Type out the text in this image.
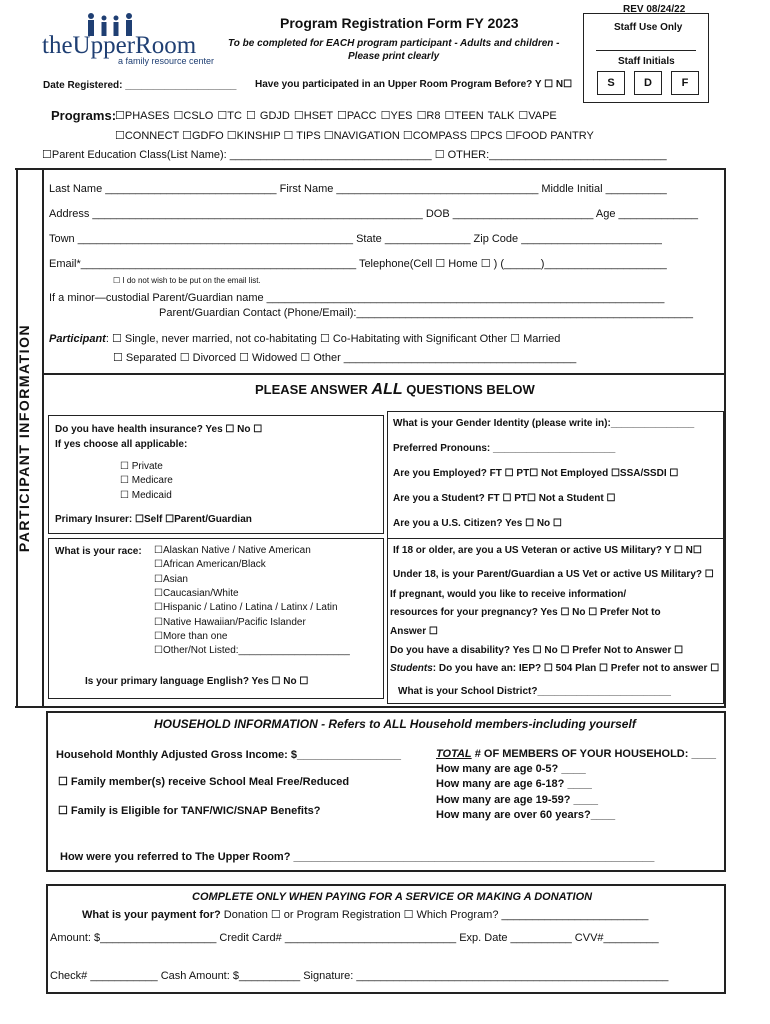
theUpperRoom
a family resource center
REV 08/24/22
Program Registration Form FY 2023
To be completed for EACH program participant - Adults and children -
Please print clearly
Staff Use Only
Staff Initials
S	D	F
Date Registered: ____________________ Have you participated in an Upper Room Program Before? Y ☐ N☐
Programs:
☐PHASES ☐CSLO ☐TC ☐ GDJD ☐HSET ☐PACC ☐YES ☐R8 ☐TEEN TALK ☐VAPE
☐CONNECT ☐GDFO ☐KINSHIP ☐ TIPS ☐NAVIGATION ☐COMPASS ☐PCS ☐FOOD PANTRY
☐Parent Education Class(List Name): _________________________________ ☐ OTHER:_____________________________
PARTICIPANT INFORMATION
Last Name ____________________________ First Name _________________________________ Middle Initial __________
Address ______________________________________________________ DOB _______________________ Age _____________
Town _____________________________________________ State ______________ Zip Code _______________________
Email*_____________________________________________ Telephone(Cell ☐ Home ☐ ) (______)____________________
☐ I do not wish to be put on the email list.
If a minor—custodial Parent/Guardian name _________________________________________________________________
Parent/Guardian Contact (Phone/Email):_______________________________________________________
Participant: ☐ Single, never married, not co-habitating ☐ Co-Habitating with Significant Other ☐ Married
☐ Separated ☐ Divorced ☐ Widowed ☐ Other ______________________________________
PLEASE ANSWER ALL QUESTIONS BELOW
Do you have health insurance? Yes ☐ No ☐
If yes choose all applicable:
☐ Private
☐ Medicare
☐ Medicaid
Primary Insurer: ☐Self ☐Parent/Guardian
What is your race: ☐Alaskan Native / Native American
☐African American/Black
☐Asian
☐Caucasian/White
☐Hispanic / Latino / Latina / Latinx / Latin
☐Native Hawaiian/Pacific Islander
☐More than one
☐Other/Not Listed:____________________
Is your primary language English? Yes ☐ No ☐
What is your Gender Identity (please write in):_______________
Preferred Pronouns: ______________________
Are you Employed? FT ☐ PT☐ Not Employed ☐SSA/SSDI ☐
Are you a Student? FT ☐ PT☐ Not a Student ☐
Are you a U.S. Citizen? Yes ☐ No ☐
If 18 or older, are you a US Veteran or active US Military? Y ☐ N☐
Under 18, is your Parent/Guardian a US Vet or active US Military? ☐
If pregnant, would you like to receive information/
resources for your pregnancy? Yes ☐ No ☐ Prefer Not to
Answer ☐
Do you have a disability? Yes ☐ No ☐ Prefer Not to Answer ☐
Students: Do you have an: IEP? ☐ 504 Plan ☐ Prefer not to answer ☐
What is your School District?________________________
HOUSEHOLD INFORMATION - Refers to ALL Household members-including yourself
Household Monthly Adjusted Gross Income: $_________________
☐ Family member(s) receive School Meal Free/Reduced
☐ Family is Eligible for TANF/WIC/SNAP Benefits?
TOTAL # OF MEMBERS OF YOUR HOUSEHOLD: ____
How many are age 0-5? ____
How many are age 6-18? ____
How many are age 19-59? ____
How many are over 60 years?____
How were you referred to The Upper Room? ___________________________________________________________
COMPLETE ONLY WHEN PAYING FOR A SERVICE OR MAKING A DONATION
What is your payment for? Donation ☐ or Program Registration ☐ Which Program? ________________________
Amount: $___________________ Credit Card# ____________________________ Exp. Date __________ CVV#_________
Check# ___________ Cash Amount: $__________ Signature: ___________________________________________________
